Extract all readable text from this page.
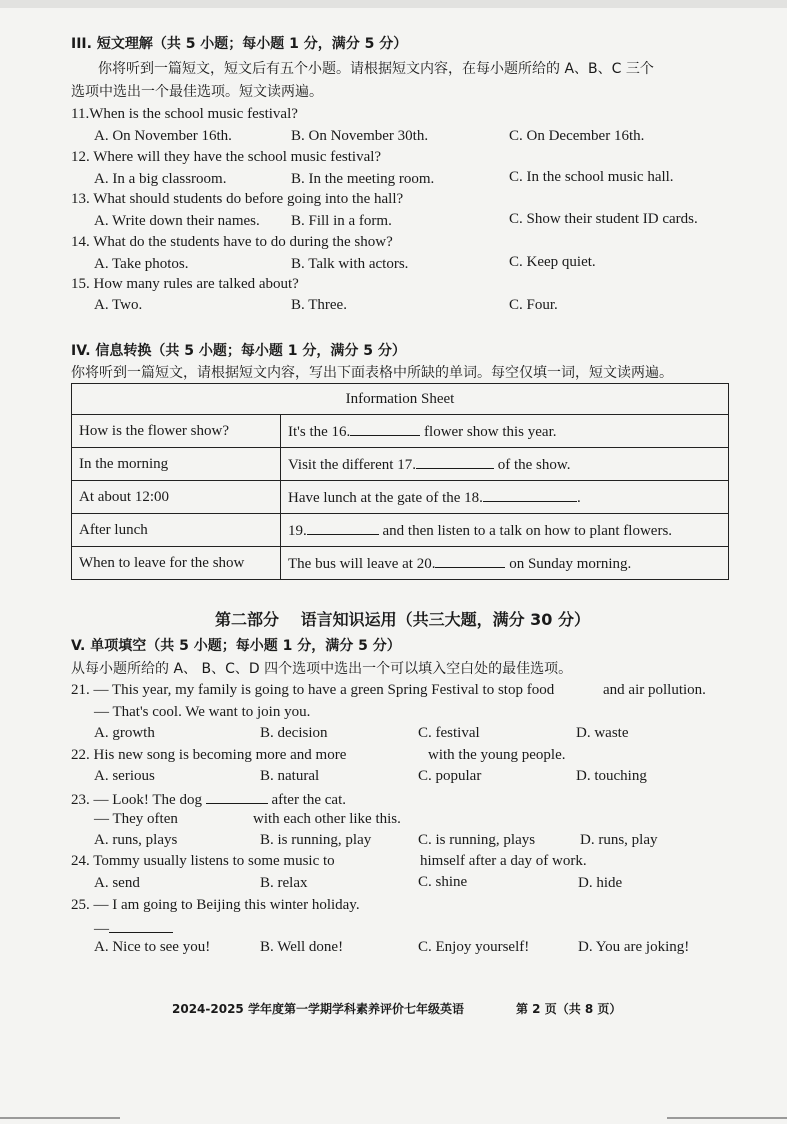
III. 短文理解（共 5 小题；每小题 1 分，满分 5 分）
你将听到一篇短文，短文后有五个小题。请根据短文内容，在每小题所给的 A、B、C 三个
选项中选出一个最佳选项。短文读两遍。
11.When is the school music festival?
A. On November 16th.	B. On November 30th.	C. On December 16th.
12. Where will they have the school music festival?
A. In a big classroom.	B. In the meeting room.	C. In the school music hall.
13. What should students do before going into the hall?
A. Write down their names. B. Fill in a form.	C. Show their student ID cards.
14. What do the students have to do during the show?
A. Take photos.	B. Talk with actors.	C. Keep quiet.
15. How many rules are talked about?
A. Two.	B. Three.	C. Four.
IV. 信息转换（共 5 小题；每小题 1 分，满分 5 分）
你将听到一篇短文，请根据短文内容，写出下面表格中所缺的单词。每空仅填一词，短文读两遍。
Information Sheet	
How is the flower show?	It's the 16. flower show this year.
In the morning	Visit the different 17. of the show.
At about 12:00	Have lunch at the gate of the 18. .
After lunch	19. and then listen to a talk on how to plant flowers.
When to leave for the show	The bus will leave at 20. on Sunday morning.
第二部分　 语言知识运用（共三大题，满分 30 分）
V. 单项填空（共 5 小题；每小题 1 分，满分 5 分）
从每小题所给的 A、 B、C、D 四个选项中选出一个可以填入空白处的最佳选项。
21. — This year, my family is going to have a green Spring Festival to stop food	and air pollution.
— That's cool. We want to join you.
A. growth	B. decision	C. festival	D. waste
22. His new song is becoming more and more	with the young people.
A. serious	B. natural	C. popular	D. touching
23. — Look! The dog	after the cat.
— They often	with each other like this.
A. runs, plays	B. is running, play	C. is running, plays	D. runs, play
24. Tommy usually listens to some music to	himself after a day of work.
A. send	B. relax	C. shine	D. hide
25. — I am going to Beijing this winter holiday.
—
A. Nice to see you!	B. Well done!	C. Enjoy yourself!	D. You are joking!
2024-2025 学年度第一学期学科素养评价七年级英语	第 2 页（共 8 页）
